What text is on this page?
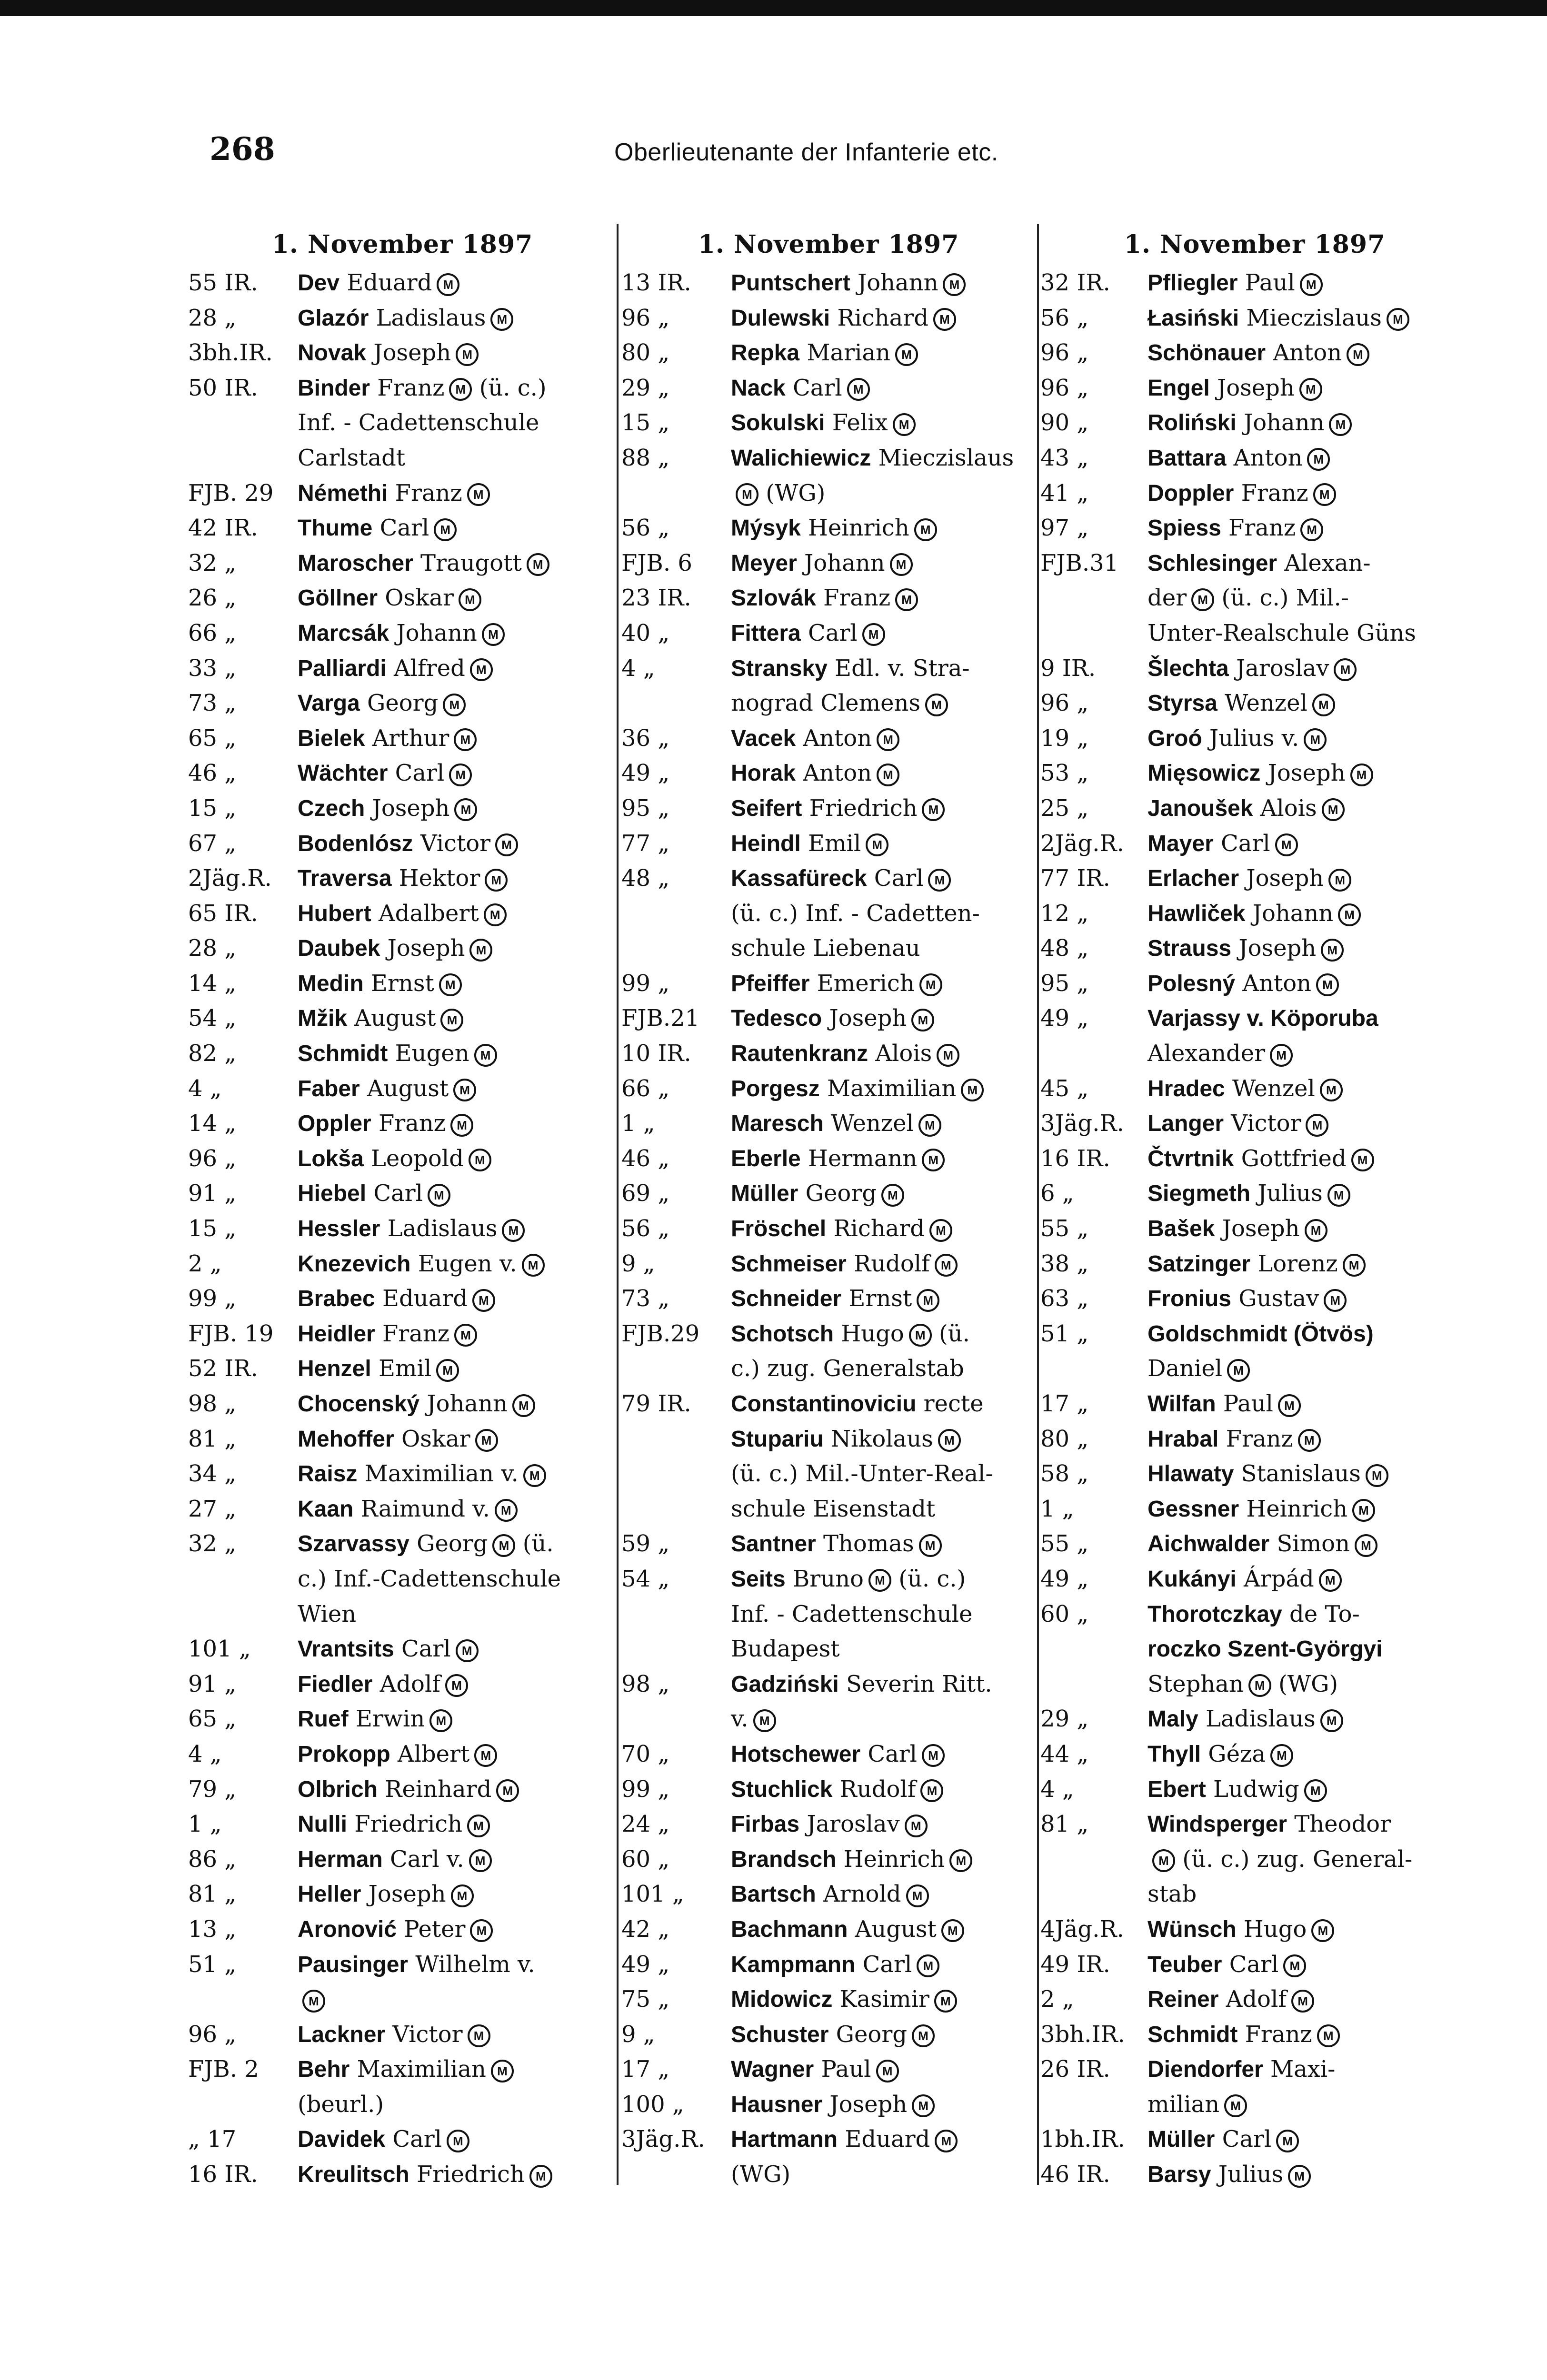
268	Oberlieutenante der Infanterie etc.
1. November 1897
55 IR.	Dev Eduard M
28 „	Glazór Ladislaus M
3bh.IR.	Novak Joseph M
50 IR.	Binder Franz M (ü. c.)
Inf. - Cadettenschule
Carlstadt
FJB. 29	Némethi Franz M
42 IR.	Thume Carl M
32 „	Maroscher Traugott M
26 „	Göllner Oskar M
66 „	Marcsák Johann M
33 „	Palliardi Alfred M
73 „	Varga Georg M
65 „	Bielek Arthur M
46 „	Wächter Carl M
15 „	Czech Joseph M
67 „	Bodenlósz Victor M
2Jäg.R.	Traversa Hektor M
65 IR.	Hubert Adalbert M
28 „	Daubek Joseph M
14 „	Medin Ernst M
54 „	Mžik August M
82 „	Schmidt Eugen M
4 „	Faber August M
14 „	Oppler Franz M
96 „	Lokša Leopold M
91 „	Hiebel Carl M
15 „	Hessler Ladislaus M
2 „	Knezevich Eugen v. M
99 „	Brabec Eduard M
FJB. 19	Heidler Franz M
52 IR.	Henzel Emil M
98 „	Chocenský Johann M
81 „	Mehoffer Oskar M
34 „	Raisz Maximilian v. M
27 „	Kaan Raimund v. M
32 „	Szarvassy Georg M (ü.
c.) Inf.-Cadettenschule
Wien
101 „	Vrantsits Carl M
91 „	Fiedler Adolf M
65 „	Ruef Erwin M
4 „	Prokopp Albert M
79 „	Olbrich Reinhard M
1 „	Nulli Friedrich M
86 „	Herman Carl v. M
81 „	Heller Joseph M
13 „	Aronović Peter M
51 „	Pausinger Wilhelm v.
M
96 „	Lackner Victor M
FJB. 2	Behr Maximilian M
(beurl.)
„ 17	Davidek Carl M
16 IR.	Kreulitsch Friedrich M
1. November 1897
13 IR.	Puntschert Johann M
96 „	Dulewski Richard M
80 „	Repka Marian M
29 „	Nack Carl M
15 „	Sokulski Felix M
88 „	Walichiewicz Mieczislaus
M (WG)
56 „	Mýsyk Heinrich M
FJB. 6	Meyer Johann M
23 IR.	Szlovák Franz M
40 „	Fittera Carl M
4 „	Stransky Edl. v. Stra-
nograd Clemens M
36 „	Vacek Anton M
49 „	Horak Anton M
95 „	Seifert Friedrich M
77 „	Heindl Emil M
48 „	Kassafüreck Carl M
(ü. c.) Inf. - Cadetten-
schule Liebenau
99 „	Pfeiffer Emerich M
FJB.21	Tedesco Joseph M
10 IR.	Rautenkranz Alois M
66 „	Porgesz Maximilian M
1 „	Maresch Wenzel M
46 „	Eberle Hermann M
69 „	Müller Georg M
56 „	Fröschel Richard M
9 „	Schmeiser Rudolf M
73 „	Schneider Ernst M
FJB.29	Schotsch Hugo M (ü.
c.) zug. Generalstab
79 IR.	Constantinoviciu recte
Stupariu Nikolaus M
(ü. c.) Mil.-Unter-Real-
schule Eisenstadt
59 „	Santner Thomas M
54 „	Seits Bruno M (ü. c.)
Inf. - Cadettenschule
Budapest
98 „	Gadziński Severin Ritt.
v. M
70 „	Hotschewer Carl M
99 „	Stuchlick Rudolf M
24 „	Firbas Jaroslav M
60 „	Brandsch Heinrich M
101 „	Bartsch Arnold M
42 „	Bachmann August M
49 „	Kampmann Carl M
75 „	Midowicz Kasimir M
9 „	Schuster Georg M
17 „	Wagner Paul M
100 „	Hausner Joseph M
3Jäg.R.	Hartmann Eduard M
(WG)
1. November 1897
32 IR.	Pfliegler Paul M
56 „	Łasiński Mieczislaus M
96 „	Schönauer Anton M
96 „	Engel Joseph M
90 „	Roliński Johann M
43 „	Battara Anton M
41 „	Doppler Franz M
97 „	Spiess Franz M
FJB.31	Schlesinger Alexan-
der M (ü. c.) Mil.-
Unter-Realschule Güns
9 IR.	Šlechta Jaroslav M
96 „	Styrsa Wenzel M
19 „	Groó Julius v. M
53 „	Mięsowicz Joseph M
25 „	Janoušek Alois M
2Jäg.R.	Mayer Carl M
77 IR.	Erlacher Joseph M
12 „	Hawliček Johann M
48 „	Strauss Joseph M
95 „	Polesný Anton M
49 „	Varjassy v. Köporuba
Alexander M
45 „	Hradec Wenzel M
3Jäg.R.	Langer Victor M
16 IR.	Čtvrtnik Gottfried M
6 „	Siegmeth Julius M
55 „	Bašek Joseph M
38 „	Satzinger Lorenz M
63 „	Fronius Gustav M
51 „	Goldschmidt (Ötvös)
Daniel M
17 „	Wilfan Paul M
80 „	Hrabal Franz M
58 „	Hlawaty Stanislaus M
1 „	Gessner Heinrich M
55 „	Aichwalder Simon M
49 „	Kukányi Árpád M
60 „	Thorotczkay de To-
roczko Szent-Györgyi
Stephan M (WG)
29 „	Maly Ladislaus M
44 „	Thyll Géza M
4 „	Ebert Ludwig M
81 „	Windsperger Theodor
M (ü. c.) zug. General-
stab
4Jäg.R.	Wünsch Hugo M
49 IR.	Teuber Carl M
2 „	Reiner Adolf M
3bh.IR. Schmidt Franz M
26 IR.	Diendorfer Maxi-
milian M
1bh.IR. Müller Carl M
46 IR.	Barsy Julius M
